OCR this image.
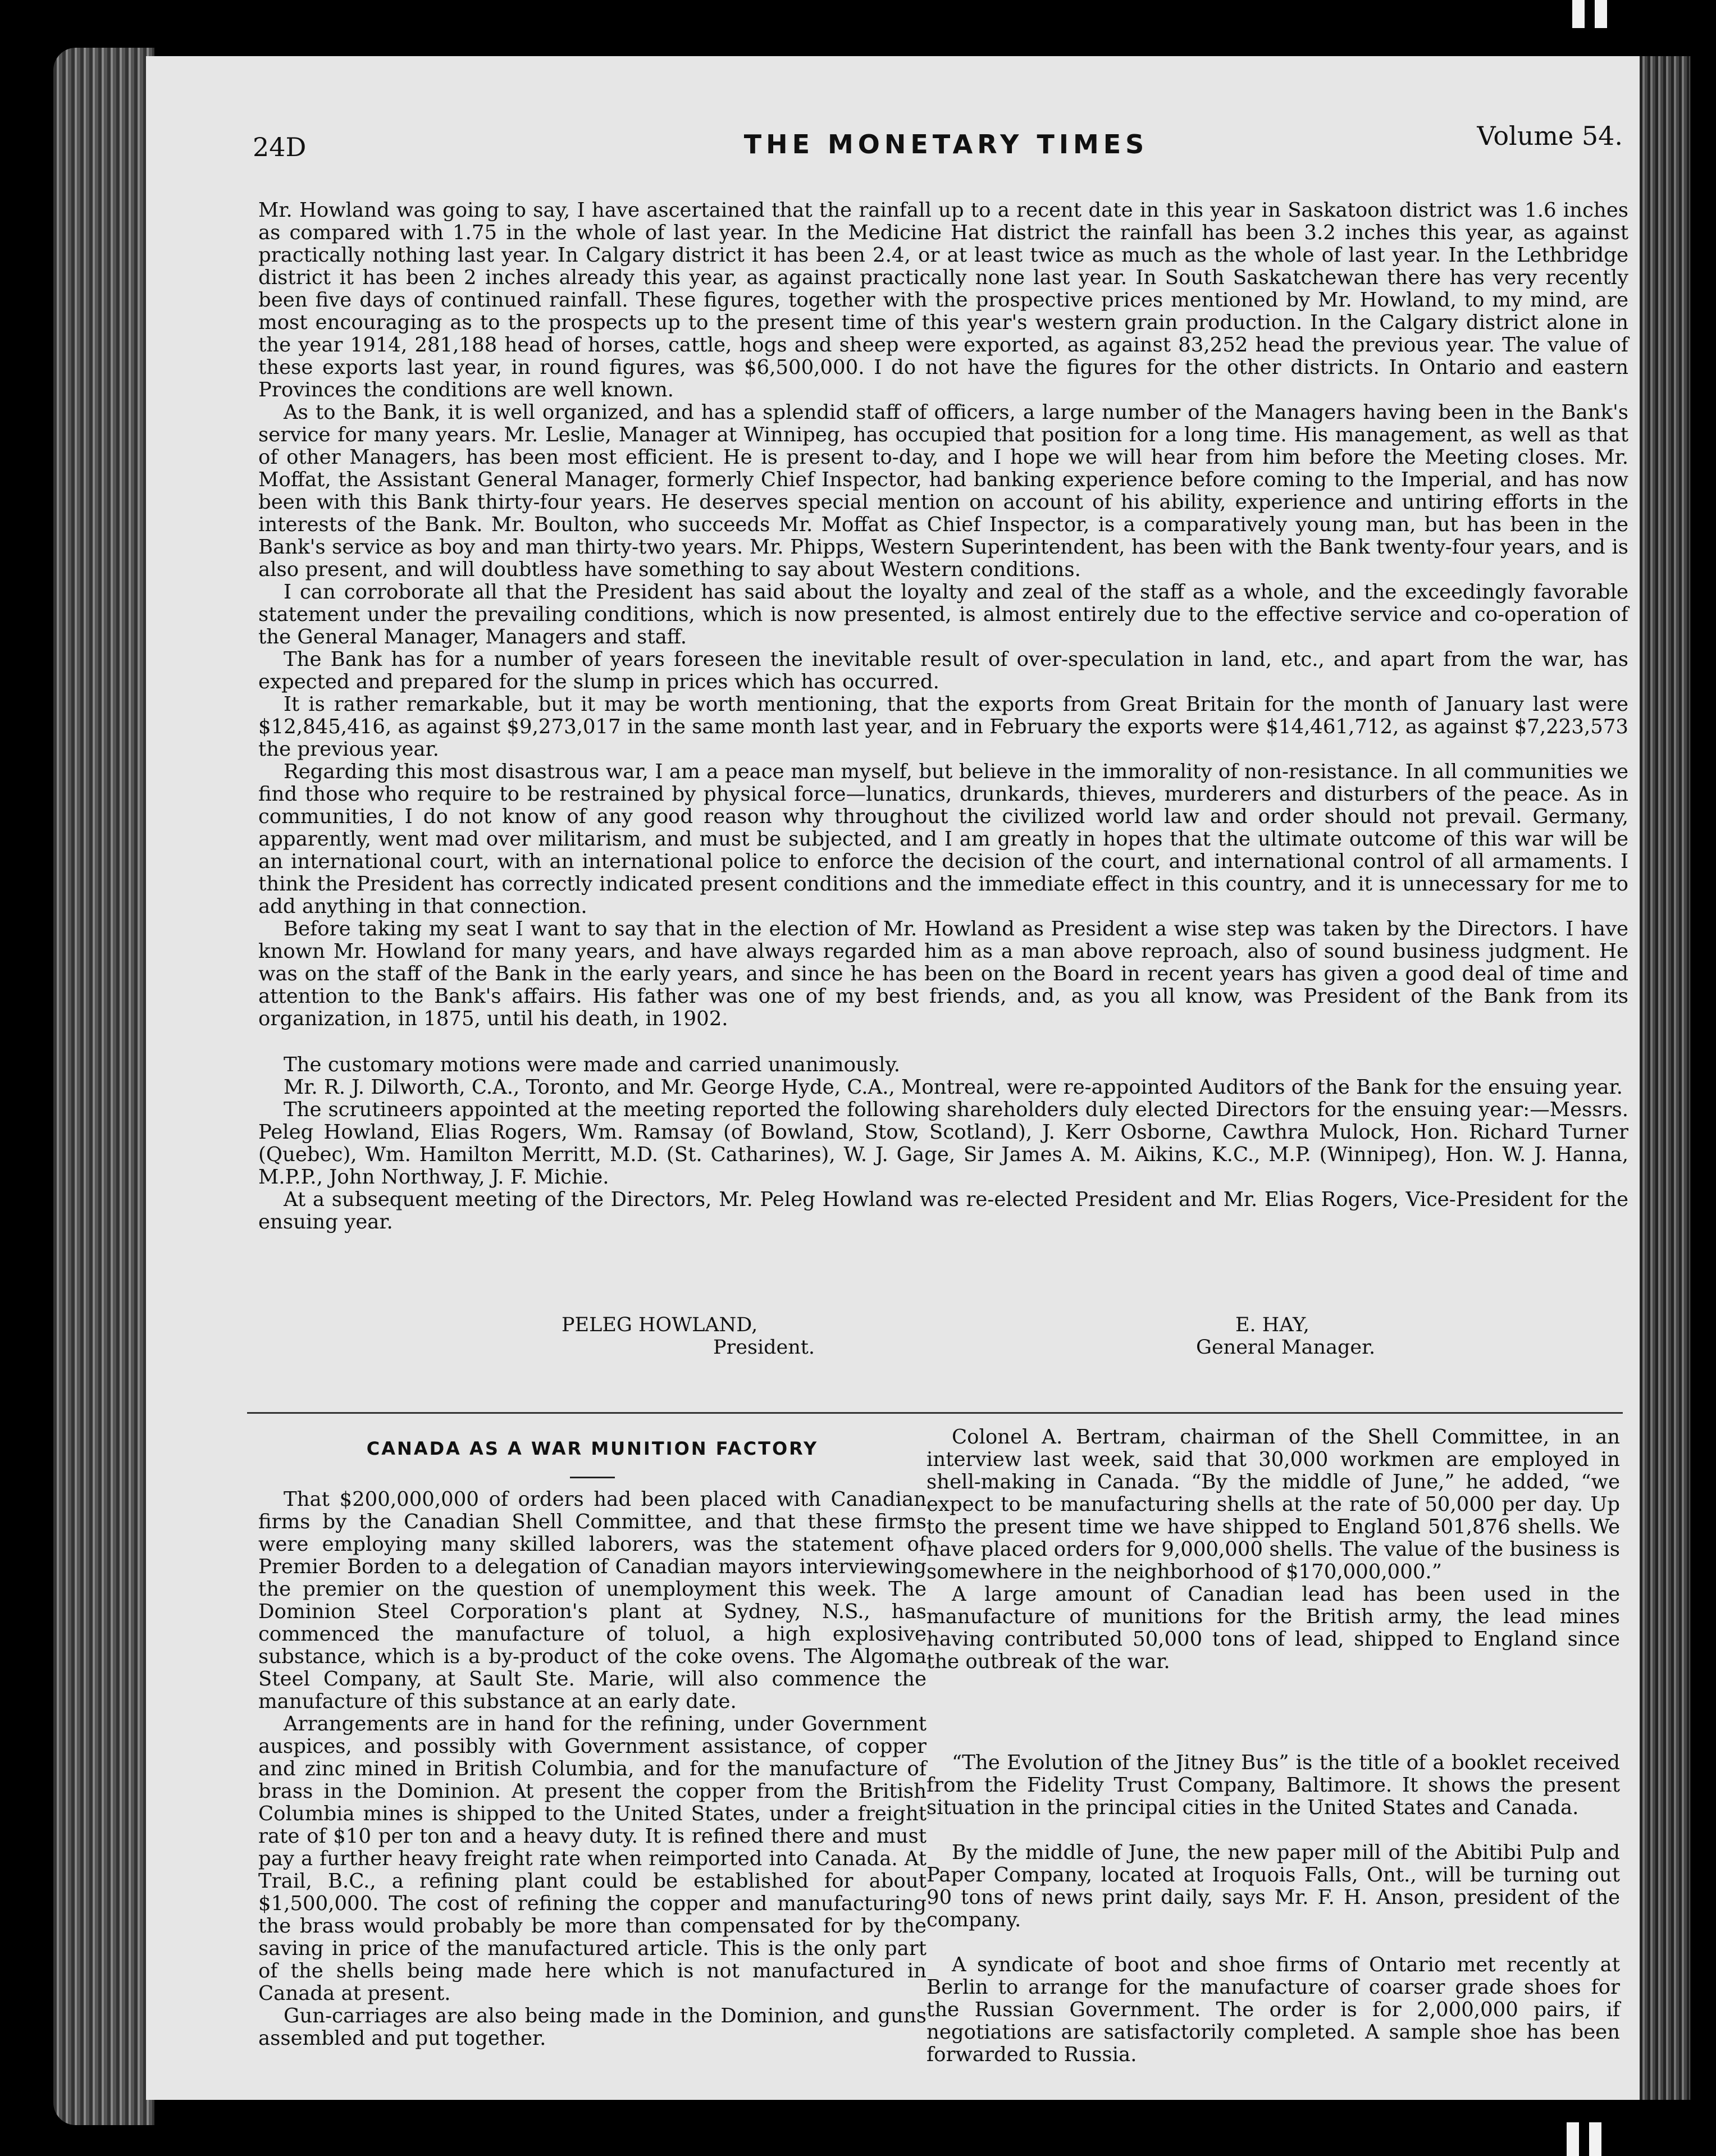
24D	THE MONETARY TIMES	Volume 54.

Mr. Howland was going to say, I have ascertained that the rainfall up to a recent date in this year in Saskatoon district was 1.6 inches as compared with 1.75 in the whole of last year. In the Medicine Hat district the rainfall has been 3.2 inches this year, as against practically nothing last year. In Calgary district it has been 2.4, or at least twice as much as the whole of last year. In the Lethbridge district it has been 2 inches already this year, as against practically none last year. In South Saskatchewan there has very recently been five days of continued rainfall. These figures, together with the prospective prices mentioned by Mr. Howland, to my mind, are most encouraging as to the prospects up to the present time of this year's western grain production. In the Calgary district alone in the year 1914, 281,188 head of horses, cattle, hogs and sheep were exported, as against 83,252 head the previous year. The value of these exports last year, in round figures, was $6,500,000. I do not have the figures for the other districts. In Ontario and eastern Provinces the conditions are well known.

As to the Bank, it is well organized, and has a splendid staff of officers, a large number of the Managers having been in the Bank's service for many years. Mr. Leslie, Manager at Winnipeg, has occupied that position for a long time. His management, as well as that of other Managers, has been most efficient. He is present to-day, and I hope we will hear from him before the Meeting closes. Mr. Moffat, the Assistant General Manager, formerly Chief Inspector, had banking experience before coming to the Imperial, and has now been with this Bank thirty-four years. He deserves special mention on account of his ability, experience and untiring efforts in the interests of the Bank. Mr. Boulton, who succeeds Mr. Moffat as Chief Inspector, is a comparatively young man, but has been in the Bank's service as boy and man thirty-two years. Mr. Phipps, Western Superintendent, has been with the Bank twenty-four years, and is also present, and will doubtless have something to say about Western conditions.

I can corroborate all that the President has said about the loyalty and zeal of the staff as a whole, and the exceedingly favorable statement under the prevailing conditions, which is now presented, is almost entirely due to the effective service and co-operation of the General Manager, Managers and staff.

The Bank has for a number of years foreseen the inevitable result of over-speculation in land, etc., and apart from the war, has expected and prepared for the slump in prices which has occurred.

It is rather remarkable, but it may be worth mentioning, that the exports from Great Britain for the month of January last were $12,845,416, as against $9,273,017 in the same month last year, and in February the exports were $14,461,712, as against $7,223,573 the previous year.

Regarding this most disastrous war, I am a peace man myself, but believe in the immorality of non-resistance. In all communities we find those who require to be restrained by physical force—lunatics, drunkards, thieves, murderers and disturbers of the peace. As in communities, I do not know of any good reason why throughout the civilized world law and order should not prevail. Germany, apparently, went mad over militarism, and must be subjected, and I am greatly in hopes that the ultimate outcome of this war will be an international court, with an international police to enforce the decision of the court, and international control of all armaments. I think the President has correctly indicated present conditions and the immediate effect in this country, and it is unnecessary for me to add anything in that connection.

Before taking my seat I want to say that in the election of Mr. Howland as President a wise step was taken by the Directors. I have known Mr. Howland for many years, and have always regarded him as a man above reproach, also of sound business judgment. He was on the staff of the Bank in the early years, and since he has been on the Board in recent years has given a good deal of time and attention to the Bank's affairs. His father was one of my best friends, and, as you all know, was President of the Bank from its organization, in 1875, until his death, in 1902.

The customary motions were made and carried unanimously.

Mr. R. J. Dilworth, C.A., Toronto, and Mr. George Hyde, C.A., Montreal, were re-appointed Auditors of the Bank for the ensuing year.

The scrutineers appointed at the meeting reported the following shareholders duly elected Directors for the ensuing year:—Messrs. Peleg Howland, Elias Rogers, Wm. Ramsay (of Bowland, Stow, Scotland), J. Kerr Osborne, Cawthra Mulock, Hon. Richard Turner (Quebec), Wm. Hamilton Merritt, M.D. (St. Catharines), W. J. Gage, Sir James A. M. Aikins, K.C., M.P. (Winnipeg), Hon. W. J. Hanna, M.P.P., John Northway, J. F. Michie.

At a subsequent meeting of the Directors, Mr. Peleg Howland was re-elected President and Mr. Elias Rogers, Vice-President for the ensuing year.

PELEG HOWLAND,
President.
E. HAY,
General Manager.
CANADA AS A WAR MUNITION FACTORY

That $200,000,000 of orders had been placed with Canadian firms by the Canadian Shell Committee, and that these firms were employing many skilled laborers, was the statement of Premier Borden to a delegation of Canadian mayors interviewing the premier on the question of unemployment this week. The Dominion Steel Corporation's plant at Sydney, N.S., has commenced the manufacture of toluol, a high explosive substance, which is a by-product of the coke ovens. The Algoma Steel Company, at Sault Ste. Marie, will also commence the manufacture of this substance at an early date.

Arrangements are in hand for the refining, under Government auspices, and possibly with Government assistance, of copper and zinc mined in British Columbia, and for the manufacture of brass in the Dominion. At present the copper from the British Columbia mines is shipped to the United States, under a freight rate of $10 per ton and a heavy duty. It is refined there and must pay a further heavy freight rate when reimported into Canada. At Trail, B.C., a refining plant could be established for about $1,500,000. The cost of refining the copper and manufacturing the brass would probably be more than compensated for by the saving in price of the manufactured article. This is the only part of the shells being made here which is not manufactured in Canada at present.

Gun-carriages are also being made in the Dominion, and guns assembled and put together.

Colonel A. Bertram, chairman of the Shell Committee, in an interview last week, said that 30,000 workmen are employed in shell-making in Canada. “By the middle of June,” he added, “we expect to be manufacturing shells at the rate of 50,000 per day. Up to the present time we have shipped to England 501,876 shells. We have placed orders for 9,000,000 shells. The value of the business is somewhere in the neighborhood of $170,000,000.”

A large amount of Canadian lead has been used in the manufacture of munitions for the British army, the lead mines having contributed 50,000 tons of lead, shipped to England since the outbreak of the war.

“The Evolution of the Jitney Bus” is the title of a booklet received from the Fidelity Trust Company, Baltimore. It shows the present situation in the principal cities in the United States and Canada.

By the middle of June, the new paper mill of the Abitibi Pulp and Paper Company, located at Iroquois Falls, Ont., will be turning out 90 tons of news print daily, says Mr. F. H. Anson, president of the company.

A syndicate of boot and shoe firms of Ontario met recently at Berlin to arrange for the manufacture of coarser grade shoes for the Russian Government. The order is for 2,000,000 pairs, if negotiations are satisfactorily completed. A sample shoe has been forwarded to Russia.
